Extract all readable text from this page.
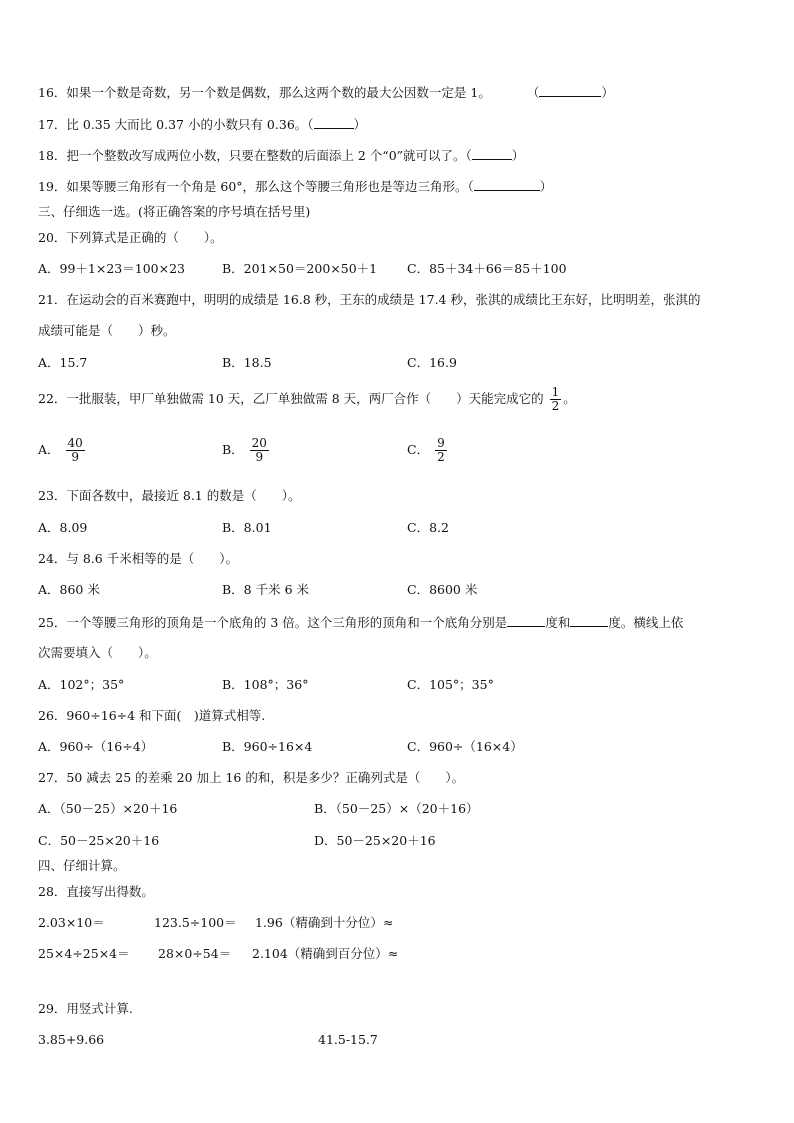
16．如果一个数是奇数，另一个数是偶数，那么这两个数的最大公因数一定是 1。	（	）
17．比 0.35 大而比 0.37 小的小数只有 0.36。（	）
18．把一个整数改写成两位小数，只要在整数的后面添上 2 个“0”就可以了。（	）
19．如果等腰三角形有一个角是 60°，那么这个等腰三角形也是等边三角形。（	）
三、仔细选一选。(将正确答案的序号填在括号里)
20．下列算式是正确的（　　）。
A．99＋1×23＝100×23	B．201×50＝200×50＋1 C．85＋34＋66＝85＋100
21．在运动会的百米赛跑中，明明的成绩是 16.8 秒，王东的成绩是 17.4 秒，张淇的成绩比王东好，比明明差，张淇的
成绩可能是（　　）秒。
A．15.7	B．18.5	C．16.9
22．一批服装，甲厂单独做需 10 天，乙厂单独做需 8 天，两厂合作（　　）天能完成它的 $\frac{1}{2}$ 。
A． $\frac{40}{9}$	B． $\frac{20}{9}$	C． $\frac{9}{2}$
23．下面各数中，最接近 8.1 的数是（　　）。
A．8.09	B．8.01	C．8.2
24．与 8.6 千米相等的是（　　）。
A．860 米	B．8 千米 6 米	C．8600 米
25．一个等腰三角形的顶角是一个底角的 3 倍。这个三角形的顶角和一个底角分别是	度和	度。横线上依
次需要填入（　　）。
A．102°；35°	B．108°；36°	C．105°；35°
26．960÷16÷4 和下面(　)道算式相等.
A．960÷（16÷4）	B．960÷16×4	C．960÷（16×4）
27．50 减去 25 的差乘 20 加上 16 的和，积是多少？正确列式是（　　）。
A．（50－25）×20＋16	B．（50－25）×（20＋16）
C．50－25×20＋16	D．50－25×20＋16
四、仔细计算。
28．直接写出得数。
2.03×10＝	123.5÷100＝ 1.96（精确到十分位）≈
25×4÷25×4＝ 28×0÷54＝ 2.104（精确到百分位）≈
29．用竖式计算.
3.85+9.66	41.5-15.7
